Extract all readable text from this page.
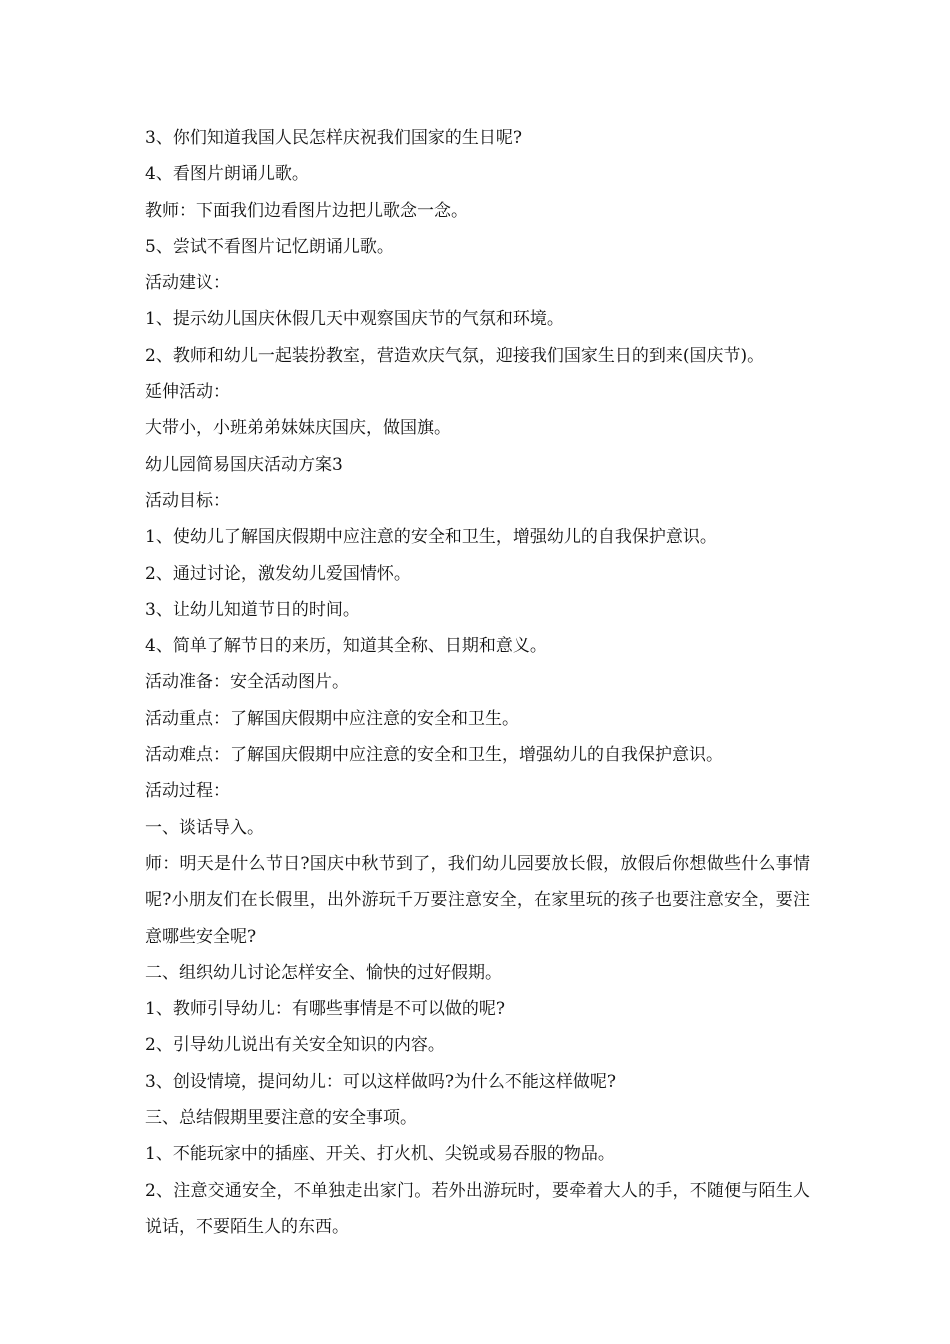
3、你们知道我国人民怎样庆祝我们国家的生日呢?

4、看图片朗诵儿歌。

教师：下面我们边看图片边把儿歌念一念。

5、尝试不看图片记忆朗诵儿歌。

活动建议：

1、提示幼儿国庆休假几天中观察国庆节的气氛和环境。

2、教师和幼儿一起装扮教室，营造欢庆气氛，迎接我们国家生日的到来(国庆节)。

延伸活动：

大带小，小班弟弟妹妹庆国庆，做国旗。

幼儿园简易国庆活动方案3

活动目标：

1、使幼儿了解国庆假期中应注意的安全和卫生，增强幼儿的自我保护意识。

2、通过讨论，激发幼儿爱国情怀。

3、让幼儿知道节日的时间。

4、简单了解节日的来历，知道其全称、日期和意义。

活动准备：安全活动图片。

活动重点：了解国庆假期中应注意的安全和卫生。

活动难点：了解国庆假期中应注意的安全和卫生，增强幼儿的自我保护意识。

活动过程：

一、谈话导入。

师：明天是什么节日?国庆中秋节到了，我们幼儿园要放长假，放假后你想做些什么事情呢?小朋友们在长假里，出外游玩千万要注意安全，在家里玩的孩子也要注意安全，要注意哪些安全呢?

二、组织幼儿讨论怎样安全、愉快的过好假期。

1、教师引导幼儿：有哪些事情是不可以做的呢?

2、引导幼儿说出有关安全知识的内容。

3、创设情境，提问幼儿：可以这样做吗?为什么不能这样做呢?

三、总结假期里要注意的安全事项。

1、不能玩家中的插座、开关、打火机、尖锐或易吞服的物品。

2、注意交通安全，不单独走出家门。若外出游玩时，要牵着大人的手，不随便与陌生人说话，不要陌生人的东西。
